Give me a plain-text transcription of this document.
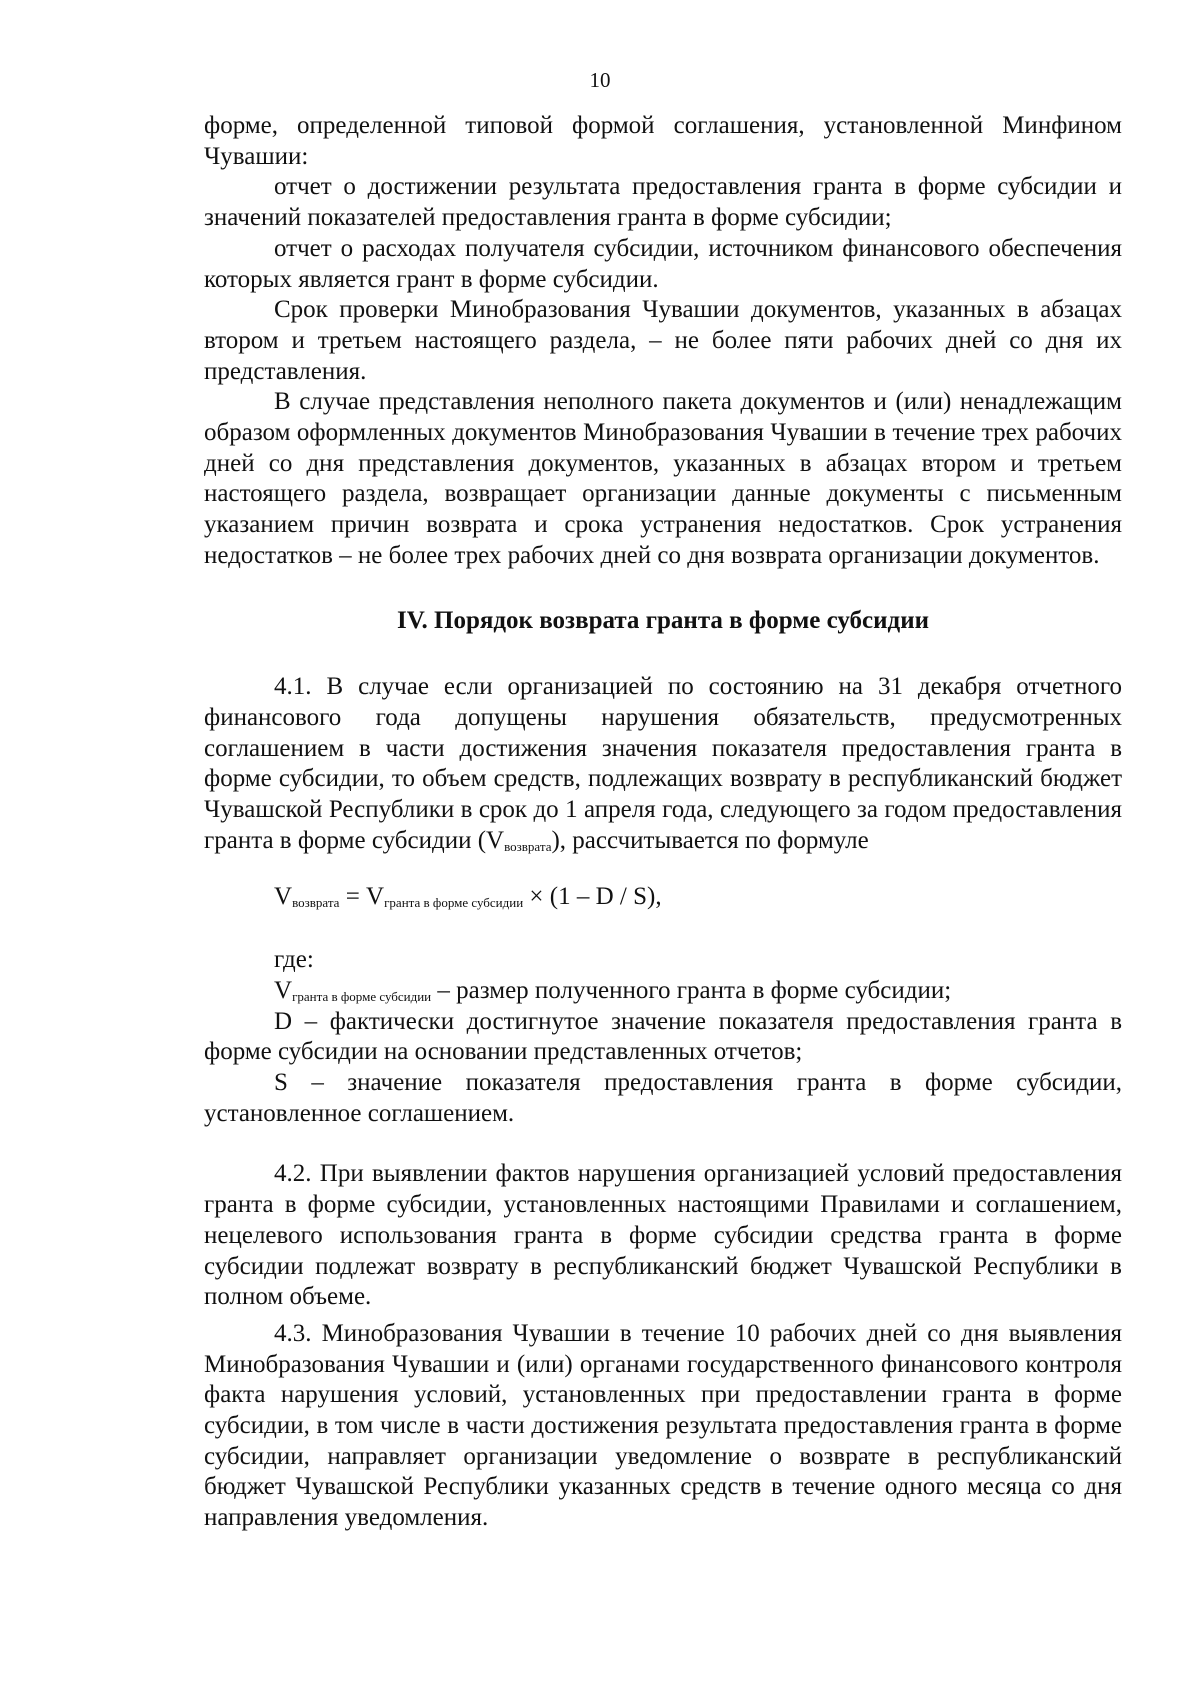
10

форме, определенной типовой формой соглашения, установленной Минфином Чувашии:

отчет о достижении результата предоставления гранта в форме субсидии и значений показателей предоставления гранта в форме субсидии;

отчет о расходах получателя субсидии, источником финансового обеспечения которых является грант в форме субсидии.

Срок проверки Минобразования Чувашии документов, указанных в абзацах втором и третьем настоящего раздела, – не более пяти рабочих дней со дня их представления.

В случае представления неполного пакета документов и (или) ненадлежащим образом оформленных документов Минобразования Чувашии в течение трех рабочих дней со дня представления документов, указанных в абзацах втором и третьем настоящего раздела, возвращает организации данные документы с письменным указанием причин возврата и срока устранения недостатков. Срок устранения недостатков – не более трех рабочих дней со дня возврата организации документов.

IV. Порядок возврата гранта в форме субсидии

4.1. В случае если организацией по состоянию на 31 декабря отчетного финансового года допущены нарушения обязательств, предусмотренных соглашением в части достижения значения показателя предоставления гранта в форме субсидии, то объем средств, подлежащих возврату в республиканский бюджет Чувашской Республики в срок до 1 апреля года, следующего за годом предоставления гранта в форме субсидии $(V_{возврата})$, рассчитывается по формуле

$V_{возврата} = V_{гранта в форме субсидии} \times (1 - D / S)$,

где:

$V_{гранта в форме субсидии}$ – размер полученного гранта в форме субсидии;

D – фактически достигнутое значение показателя предоставления гранта в форме субсидии на основании представленных отчетов;

S – значение показателя предоставления гранта в форме субсидии, установленное соглашением.

4.2. При выявлении фактов нарушения организацией условий предоставления гранта в форме субсидии, установленных настоящими Правилами и соглашением, нецелевого использования гранта в форме субсидии средства гранта в форме субсидии подлежат возврату в республиканский бюджет Чувашской Республики в полном объеме.

4.3. Минобразования Чувашии в течение 10 рабочих дней со дня выявления Минобразования Чувашии и (или) органами государственного финансового контроля факта нарушения условий, установленных при предоставлении гранта в форме субсидии, в том числе в части достижения результата предоставления гранта в форме субсидии, направляет организации уведомление о возврате в республиканский бюджет Чувашской Республики указанных средств в течение одного месяца со дня направления уведомления.
